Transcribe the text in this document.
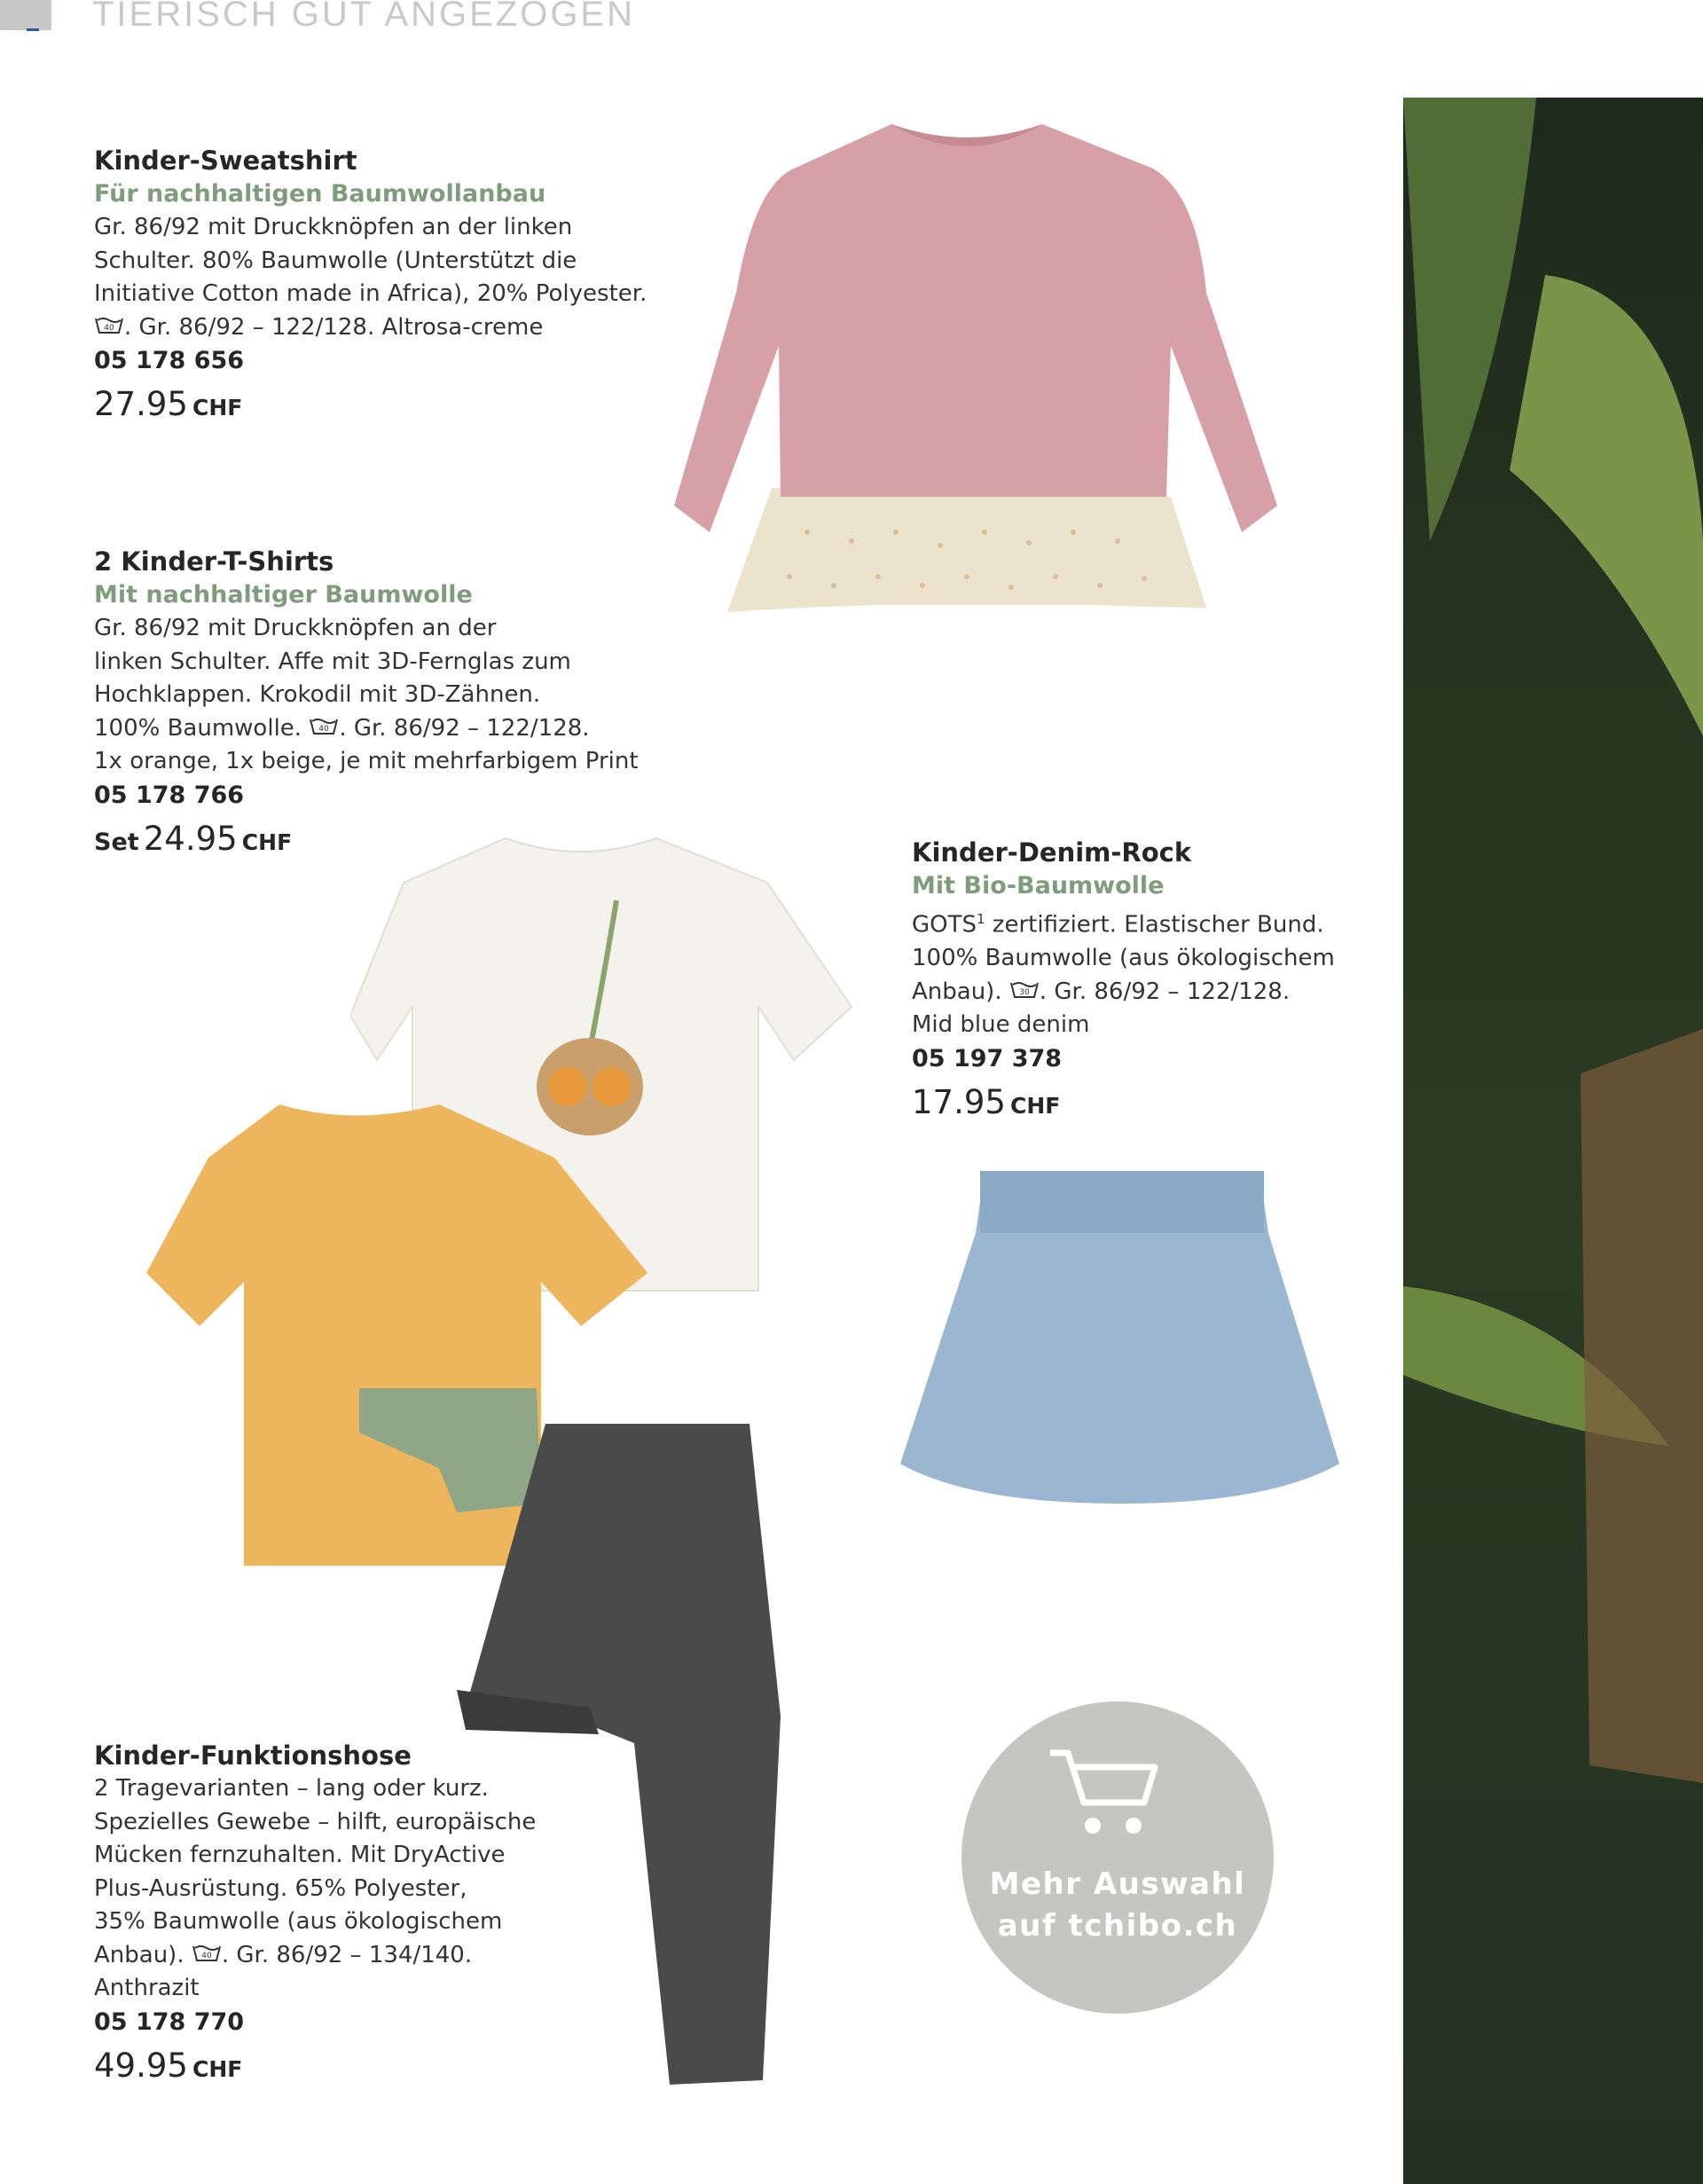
TIERISCH GUT ANGEZOGEN
Kinder-Sweatshirt
Für nachhaltigen Baumwollanbau

Gr. 86/92 mit Druckknöpfen an der linken

Schulter. 80% Baumwolle (Unterstützt die

Initiative Cotton made in Africa), 20% Polyester.

40 . Gr. 86/92 – 122/128. Altrosa-creme

05 178 656
27.95 CHF
2 Kinder-T-Shirts
Mit nachhaltiger Baumwolle

Gr. 86/92 mit Druckknöpfen an der

linken Schulter. Affe mit 3D-Fernglas zum

Hochklappen. Krokodil mit 3D-Zähnen.

100% Baumwolle. 40 . Gr. 86/92 – 122/128.

1x orange, 1x beige, je mit mehrfarbigem Print

05 178 766
Set 24.95 CHF	Kinder-Denim-Rock
Mit Bio-Baumwolle

GOTS$^1$ zertifiziert. Elastischer Bund.

100% Baumwolle (aus ökologischem

Anbau). 30 . Gr. 86/92 – 122/128.

Mid blue denim

05 197 378
17.95 CHF
Kinder-Funktionshose

2 Tragevarianten – lang oder kurz.

Spezielles Gewebe – hilft, europäische

Mücken fernzuhalten. Mit DryActive

Plus-Ausrüstung. 65% Polyester,

35% Baumwolle (aus ökologischem

Anbau). 40 . Gr. 86/92 – 134/140.

Anthrazit

05 178 770
49.95 CHF
Mehr Auswahl
auf tchibo.ch
